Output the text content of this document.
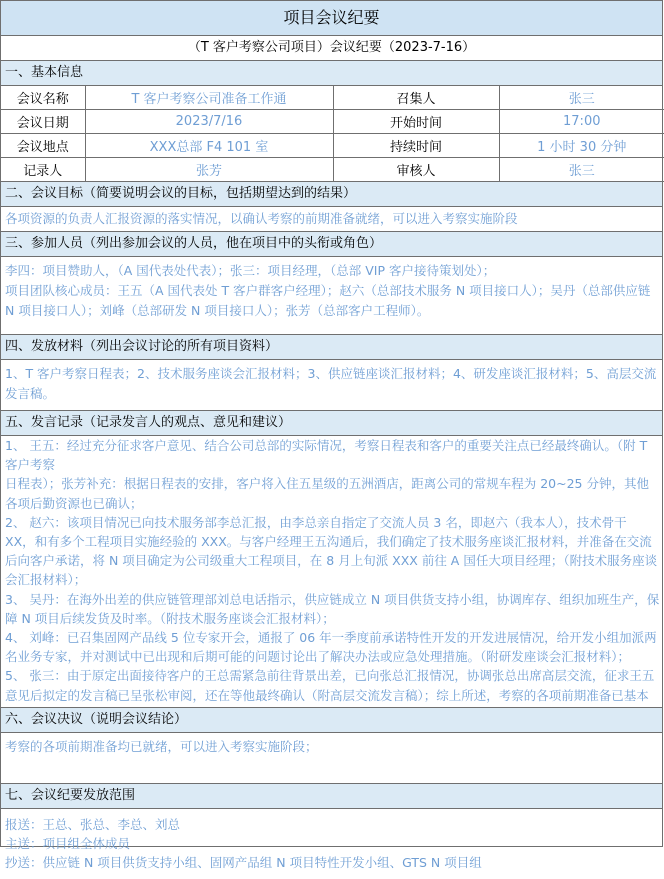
项目会议纪要
（T 客户考察公司项目）会议纪要（2023-7-16）
一、基本信息
会议名称	T 客户考察公司准备工作通	召集人	张三
会议日期	2023/7/16	开始时间	17:00
会议地点	XXX总部 F4 101 室	持续时间	1 小时 30 分钟
记录人	张芳	审核人	张三
二、会议目标（简要说明会议的目标，包括期望达到的结果）
各项资源的负责人汇报资源的落实情况，以确认考察的前期准备就绪，可以进入考察实施阶段
三、参加人员（列出参加会议的人员，他在项目中的头衔或角色）

李四：项目赞助人，（A 国代表处代表）；张三：项目经理，（总部 VIP 客户接待策划处）；

项目团队核心成员：王五（A 国代表处 T 客户群客户经理）；赵六（总部技术服务 N 项目接口人）；吴丹（总部供应链 N 项目接口人）；刘峰（总部研发 N 项目接口人）；张芳（总部客户工程师）。

四、发放材料（列出会议讨论的所有项目资料）
1、T 客户考察日程表；2、技术服务座谈会汇报材料；3、供应链座谈汇报材料；4、研发座谈汇报材料；5、高层交流发言稿。
五、发言记录（记录发言人的观点、意见和建议）

1、 王五：经过充分征求客户意见、结合公司总部的实际情况，考察日程表和客户的重要关注点已经最终确认。（附 T 客户考察

日程表）；张芳补充：根据日程表的安排，客户将入住五星级的五洲酒店，距离公司的常规车程为 20~25 分钟，其他各项后勤资源也已确认；

2、 赵六：该项目情况已向技术服务部李总汇报，由李总亲自指定了交流人员 3 名，即赵六（我本人），技术骨干 XX，和有多个工程项目实施经验的 XXX。与客户经理王五沟通后，我们确定了技术服务座谈汇报材料，并准备在交流后向客户承诺，将 N 项目确定为公司级重大工程项目，在 8 月上旬派 XXX 前往 A 国任大项目经理；（附技术服务座谈会汇报材料）；

3、 吴丹：在海外出差的供应链管理部刘总电话指示，供应链成立 N 项目供货支持小组，协调库存、组织加班生产，保障 N 项目后续发货及时率。（附技术服务座谈会汇报材料）；

4、 刘峰：已召集固网产品线 5 位专家开会，通报了 06 年一季度前承诺特性开发的开发进展情况，给开发小组加派两名业务专家，并对测试中已出现和后期可能的问题讨论出了解决办法或应急处理措施。（附研发座谈会汇报材料）；

5、 张三：由于原定出面接待客户的王总需紧急前往背景出差，已向张总汇报情况，协调张总出席高层交流，征求王五意见后拟定的发言稿已呈张松审阅，还在等他最终确认（附高层交流发言稿）；综上所述，考察的各项前期准备已基本

六、会议决议（说明会议结论）
考察的各项前期准备均已就绪，可以进入考察实施阶段；
七、会议纪要发放范围

报送：王总、张总、李总、刘总

主送：项目组全体成员

抄送：供应链 N 项目供货支持小组、固网产品组 N 项目特性开发小组、GTS N 项目组
